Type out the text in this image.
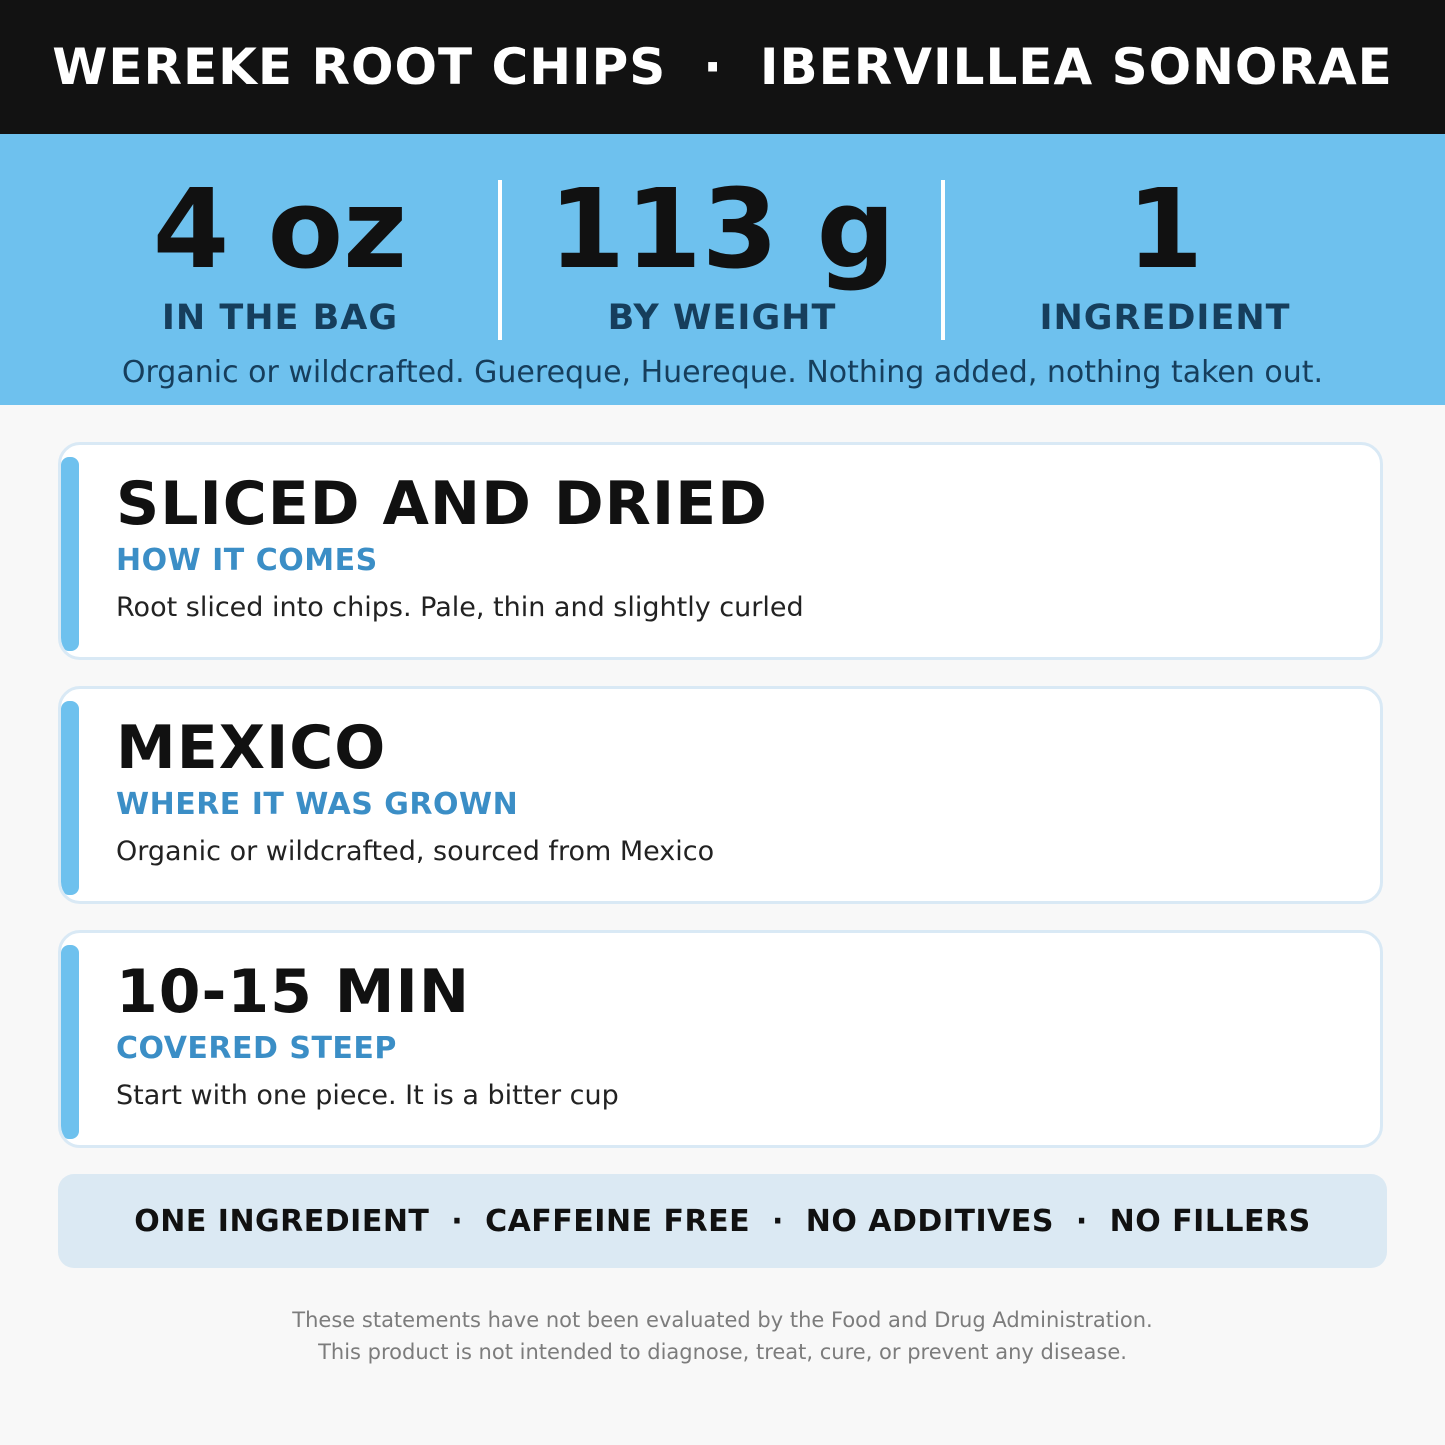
WEREKE ROOT CHIPS  ·  IBERVILLEA SONORAE
4 oz
IN THE BAG
113 g
BY WEIGHT
1
INGREDIENT
Organic or wildcrafted. Guereque, Huereque. Nothing added, nothing taken out.
SLICED AND DRIED
HOW IT COMES
Root sliced into chips. Pale, thin and slightly curled
MEXICO
WHERE IT WAS GROWN
Organic or wildcrafted, sourced from Mexico
10-15 MIN
COVERED STEEP
Start with one piece. It is a bitter cup
ONE INGREDIENT  ·  CAFFEINE FREE  ·  NO ADDITIVES  ·  NO FILLERS
These statements have not been evaluated by the Food and Drug Administration.
This product is not intended to diagnose, treat, cure, or prevent any disease.
